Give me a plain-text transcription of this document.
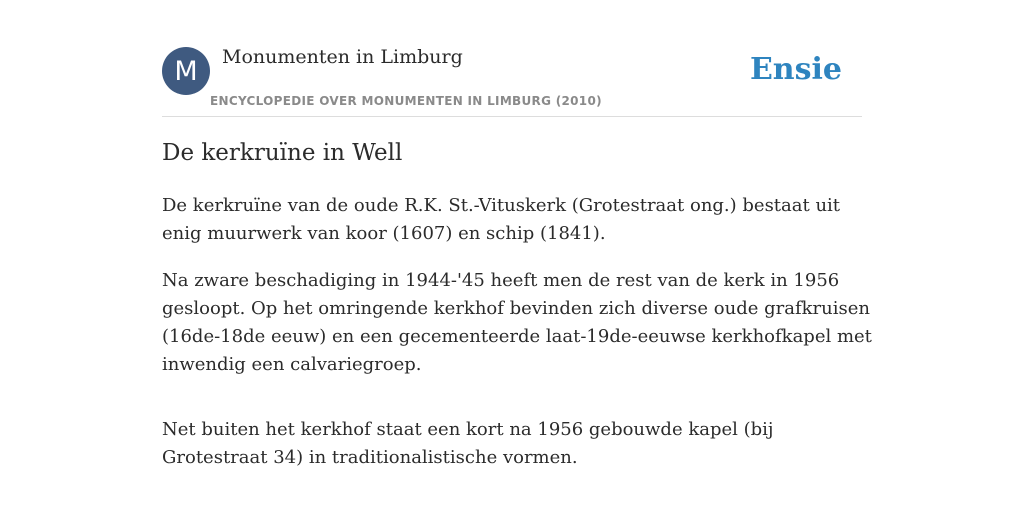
M	Monumenten in Limburg
ENCYCLOPEDIE OVER MONUMENTEN IN LIMBURG (2010)
Ensie
De kerkruïne in Well

De kerkruïne van de oude R.K. St.-Vituskerk (Grotestraat ong.) bestaat uit enig muurwerk van koor (1607) en schip (1841).

Na zware beschadiging in 1944-'45 heeft men de rest van de kerk in 1956 gesloopt. Op het omringende kerkhof bevinden zich diverse oude grafkruisen (16de-18de eeuw) en een gecementeerde laat-19de-eeuwse kerkhofkapel met inwendig een calvariegroep.

Net buiten het kerkhof staat een kort na 1956 gebouwde kapel (bij Grotestraat 34) in traditionalistische vormen.
